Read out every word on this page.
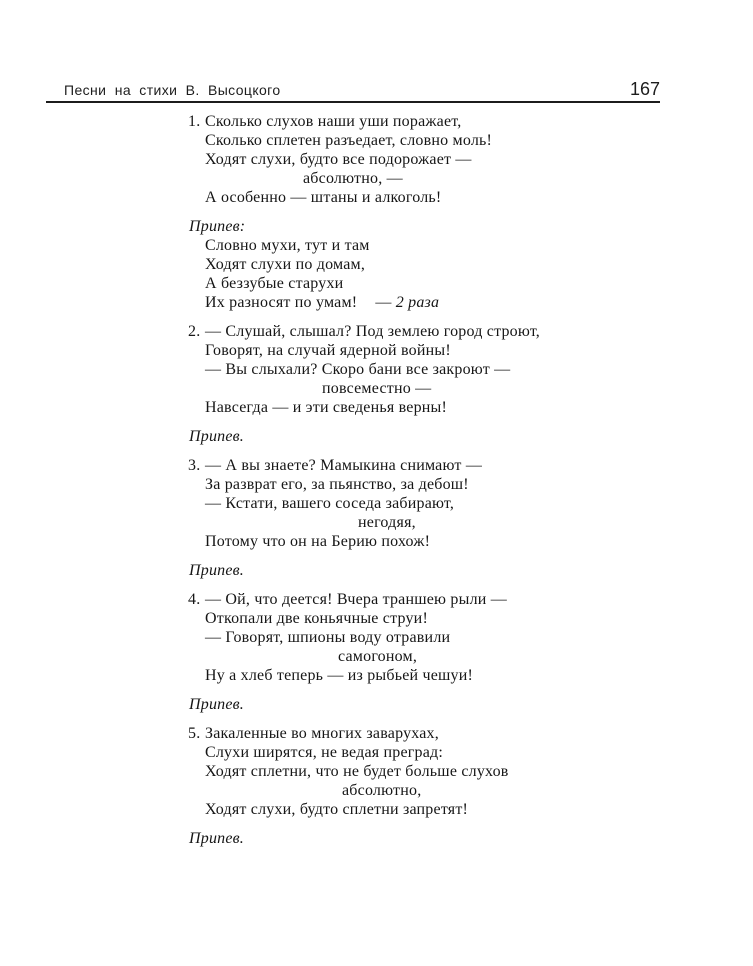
Песни на стихи В. Высоцкого	167
1. Сколько слухов наши уши поражает,
Сколько сплетен разъедает, словно моль!
Ходят слухи, будто все подорожает —
абсолютно, —
А особенно — штаны и алкоголь!
Припев:
Словно мухи, тут и там
Ходят слухи по домам,
А беззубые старухи
Их разносят по умам! — 2 раза
2. — Слушай, слышал? Под землею город строют,
Говорят, на случай ядерной войны!
— Вы слыхали? Скоро бани все закроют —
повсеместно —
Навсегда — и эти сведенья верны!
Припев.
3. — А вы знаете? Мамыкина снимают —
За разврат его, за пьянство, за дебош!
— Кстати, вашего соседа забирают,
негодяя,
Потому что он на Берию похож!
Припев.
4. — Ой, что деется! Вчера траншею рыли —
Откопали две коньячные струи!
— Говорят, шпионы воду отравили
самогоном,
Ну а хлеб теперь — из рыбьей чешуи!
Припев.
5. Закаленные во многих заварухах,
Слухи ширятся, не ведая преград:
Ходят сплетни, что не будет больше слухов
абсолютно,
Ходят слухи, будто сплетни запретят!
Припев.
